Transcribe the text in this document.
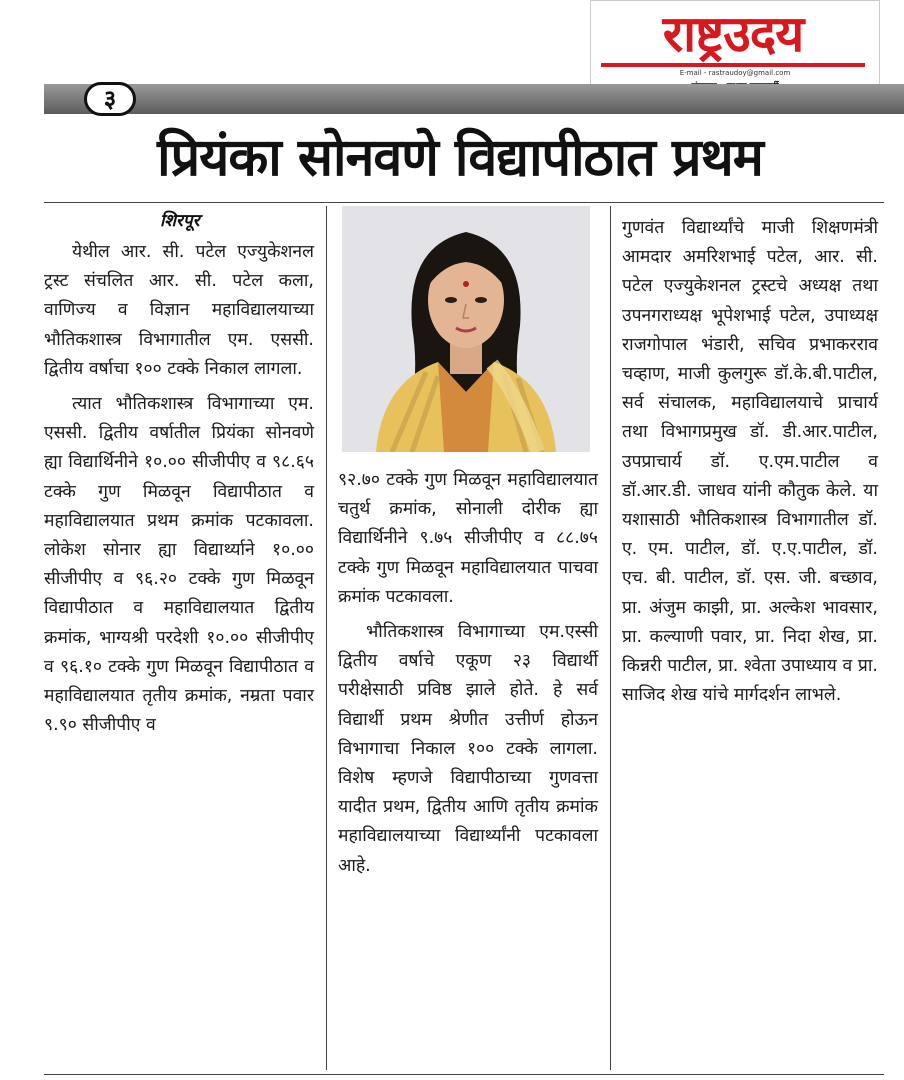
राष्ट्रउदय
E-mail - rastraudoy@gmail.com
३
प्रियंका सोनवणे विद्यापीठात प्रथम
शिरपूर

येथील आर. सी. पटेल एज्युकेशनल ट्रस्ट संचलित आर. सी. पटेल कला, वाणिज्य व विज्ञान महाविद्यालयाच्या भौतिकशास्त्र विभागातील एम. एससी. द्वितीय वर्षाचा १०० टक्के निकाल लागला.

त्यात भौतिकशास्त्र विभागाच्या एम. एससी. द्वितीय वर्षातील प्रियंका सोनवणे ह्या विद्यार्थिनीने १०.०० सीजीपीए व ९८.६५ टक्के गुण मिळवून विद्यापीठात व महाविद्यालयात प्रथम क्रमांक पटकावला. लोकेश सोनार ह्या विद्यार्थ्याने १०.०० सीजीपीए व ९६.२० टक्के गुण मिळवून विद्यापीठात व महाविद्यालयात द्वितीय क्रमांक, भाग्यश्री परदेशी १०.०० सीजीपीए व ९६.१० टक्के गुण मिळवून विद्यापीठात व महाविद्यालयात तृतीय क्रमांक, नम्रता पवार ९.९० सीजीपीए व

९२.७० टक्के गुण मिळवून महाविद्यालयात चतुर्थ क्रमांक, सोनाली दोरीक ह्या विद्यार्थिनीने ९.७५ सीजीपीए व ८८.७५ टक्के गुण मिळवून महाविद्यालयात पाचवा क्रमांक पटकावला.

भौतिकशास्त्र विभागाच्या एम.एस्सी द्वितीय वर्षाचे एकूण २३ विद्यार्थी परीक्षेसाठी प्रविष्ठ झाले होते. हे सर्व विद्यार्थी प्रथम श्रेणीत उत्तीर्ण होऊन विभागाचा निकाल १०० टक्के लागला. विशेष म्हणजे विद्यापीठाच्या गुणवत्ता यादीत प्रथम, द्वितीय आणि तृतीय क्रमांक महाविद्यालयाच्या विद्यार्थ्यांनी पटकावला आहे.

गुणवंत विद्यार्थ्यांचे माजी शिक्षणमंत्री आमदार अमरिशभाई पटेल, आर. सी. पटेल एज्युकेशनल ट्रस्टचे अध्यक्ष तथा उपनगराध्यक्ष भूपेशभाई पटेल, उपाध्यक्ष राजगोपाल भंडारी, सचिव प्रभाकरराव चव्हाण, माजी कुलगुरू डॉ.के.बी.पाटील, सर्व संचालक, महाविद्यालयाचे प्राचार्य तथा विभागप्रमुख डॉ. डी.आर.पाटील, उपप्राचार्य डॉ. ए.एम.पाटील व डॉ.आर.डी. जाधव यांनी कौतुक केले. या यशासाठी भौतिकशास्त्र विभागातील डॉ. ए. एम. पाटील, डॉ. ए.ए.पाटील, डॉ. एच. बी. पाटील, डॉ. एस. जी. बच्छाव, प्रा. अंजुम काझी, प्रा. अल्केश भावसार, प्रा. कल्याणी पवार, प्रा. निदा शेख, प्रा. किन्नरी पाटील, प्रा. श्वेता उपाध्याय व प्रा. साजिद शेख यांचे मार्गदर्शन लाभले.
